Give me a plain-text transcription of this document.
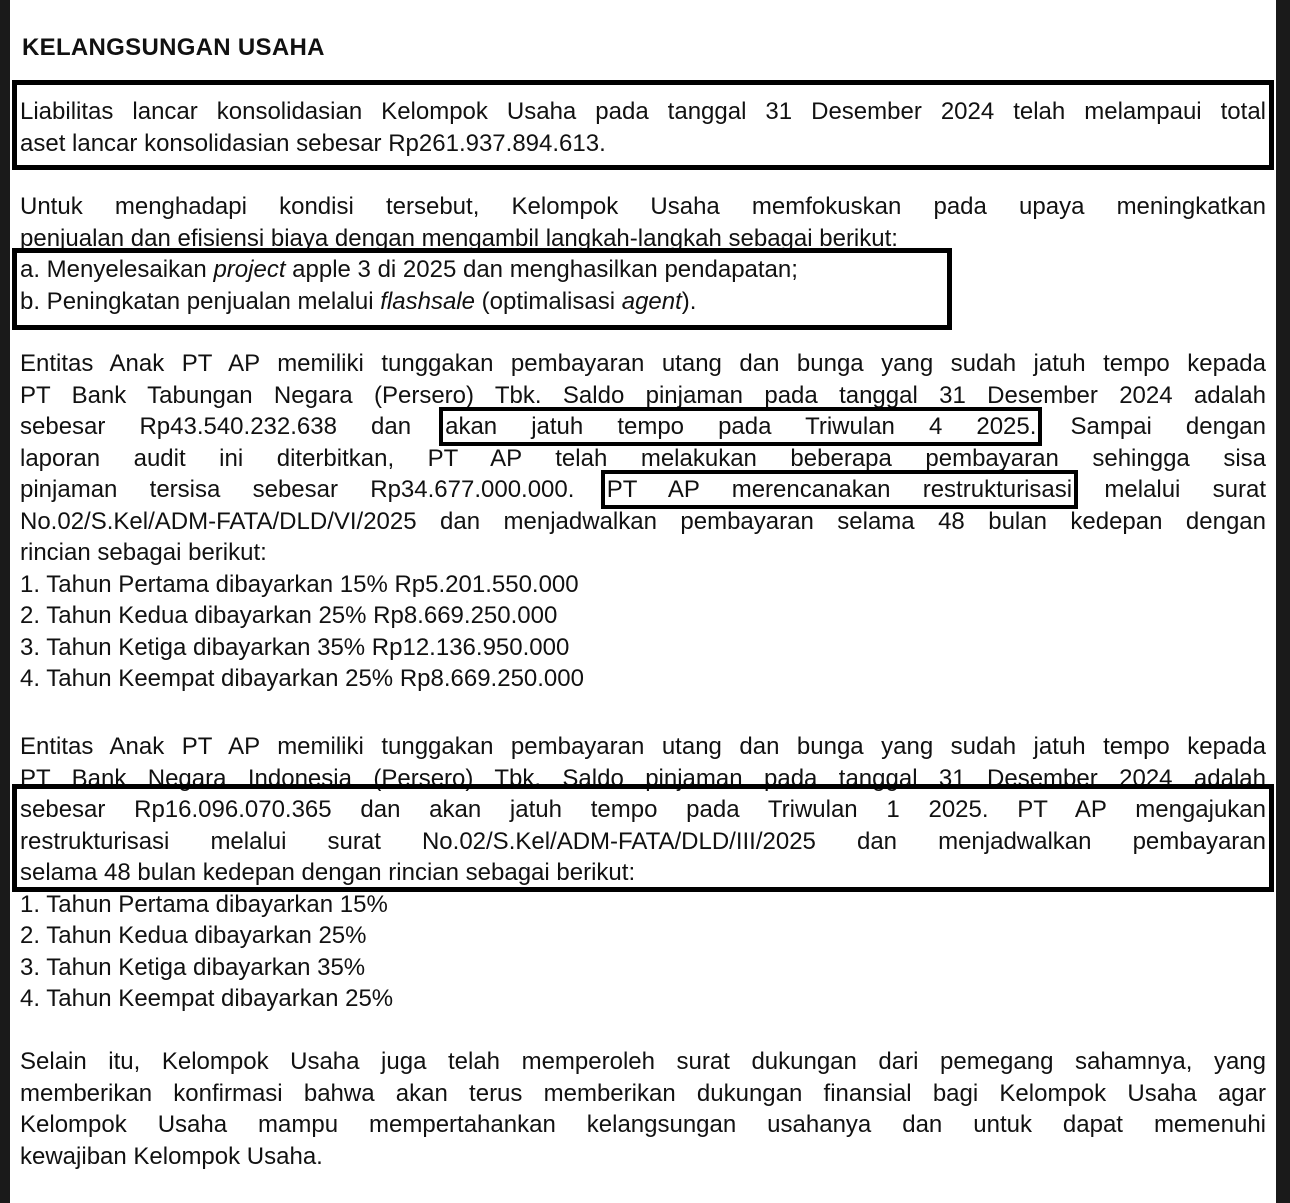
KELANGSUNGAN USAHA
Liabilitas lancar konsolidasian Kelompok Usaha pada tanggal 31 Desember 2024 telah melampaui total
aset lancar konsolidasian sebesar Rp261.937.894.613.
Untuk menghadapi kondisi tersebut, Kelompok Usaha memfokuskan pada upaya meningkatkan
penjualan dan efisiensi biaya dengan mengambil langkah-langkah sebagai berikut:
a. Menyelesaikan project apple 3 di 2025 dan menghasilkan pendapatan;
b. Peningkatan penjualan melalui flashsale (optimalisasi agent).
Entitas Anak PT AP memiliki tunggakan pembayaran utang dan bunga yang sudah jatuh tempo kepada
PT Bank Tabungan Negara (Persero) Tbk. Saldo pinjaman pada tanggal 31 Desember 2024 adalah
sebesar Rp43.540.232.638 dan akan jatuh tempo pada Triwulan 4 2025. Sampai dengan
laporan audit ini diterbitkan, PT AP telah melakukan beberapa pembayaran sehingga sisa
pinjaman tersisa sebesar Rp34.677.000.000. PT AP merencanakan restrukturisasi melalui surat
No.02/S.Kel/ADM-FATA/DLD/VI/2025 dan menjadwalkan pembayaran selama 48 bulan kedepan dengan
rincian sebagai berikut:
1. Tahun Pertama dibayarkan 15% Rp5.201.550.000
2. Tahun Kedua dibayarkan 25% Rp8.669.250.000
3. Tahun Ketiga dibayarkan 35% Rp12.136.950.000
4. Tahun Keempat dibayarkan 25% Rp8.669.250.000
Entitas Anak PT AP memiliki tunggakan pembayaran utang dan bunga yang sudah jatuh tempo kepada
PT Bank Negara Indonesia (Persero) Tbk. Saldo pinjaman pada tanggal 31 Desember 2024 adalah
sebesar Rp16.096.070.365 dan akan jatuh tempo pada Triwulan 1 2025. PT AP mengajukan
restrukturisasi melalui surat No.02/S.Kel/ADM-FATA/DLD/III/2025 dan menjadwalkan pembayaran
selama 48 bulan kedepan dengan rincian sebagai berikut:
1. Tahun Pertama dibayarkan 15%
2. Tahun Kedua dibayarkan 25%
3. Tahun Ketiga dibayarkan 35%
4. Tahun Keempat dibayarkan 25%
Selain itu, Kelompok Usaha juga telah memperoleh surat dukungan dari pemegang sahamnya, yang
memberikan konfirmasi bahwa akan terus memberikan dukungan finansial bagi Kelompok Usaha agar
Kelompok Usaha mampu mempertahankan kelangsungan usahanya dan untuk dapat memenuhi
kewajiban Kelompok Usaha.
